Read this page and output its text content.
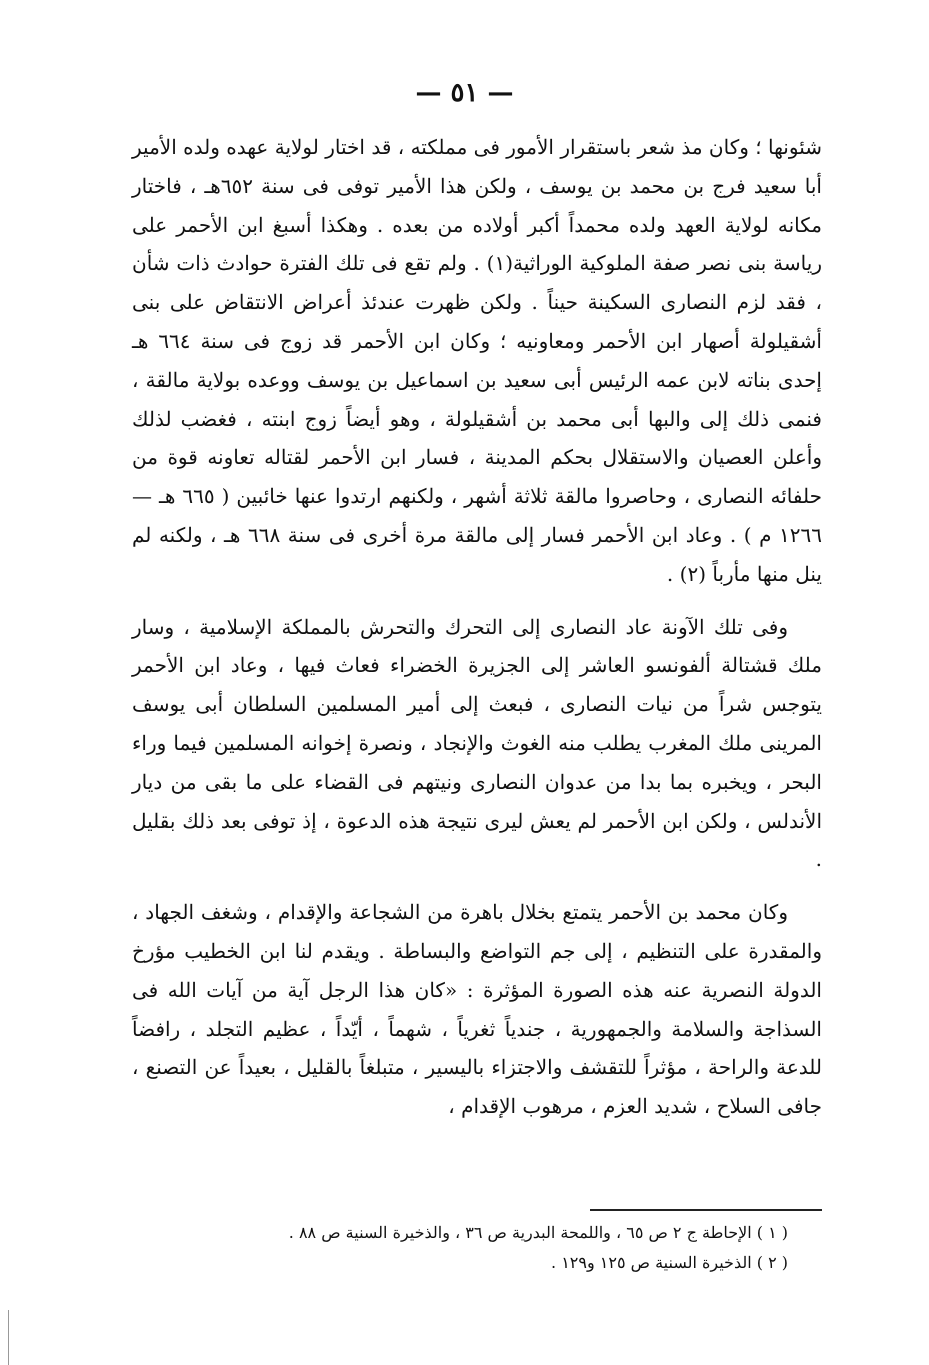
— ٥١ —

شئونها ؛ وكان مذ شعر باستقرار الأمور فى مملكته ، قد اختار لولاية عهده ولده الأمير أبا سعيد فرج بن محمد بن يوسف ، ولكن هذا الأمير توفى فى سنة ٦٥٢هـ ، فاختار مكانه لولاية العهد ولده محمداً أكبر أولاده من بعده . وهكذا أسبغ ابن الأحمر على رياسة بنى نصر صفة الملوكية الوراثية(١) . ولم تقع فى تلك الفترة حوادث ذات شأن ، فقد لزم النصارى السكينة حيناً . ولكن ظهرت عندئذ أعراض الانتقاض على بنى أشقيلولة أصهار ابن الأحمر ومعاونيه ؛ وكان ابن الأحمر قد زوج فى سنة ٦٦٤ هـ إحدى بناته لابن عمه الرئيس أبى سعيد بن اسماعيل بن يوسف ووعده بولاية مالقة ، فنمى ذلك إلى والبها أبى محمد بن أشقيلولة ، وهو أيضاً زوج ابنته ، فغضب لذلك وأعلن العصيان والاستقلال بحكم المدينة ، فسار ابن الأحمر لقتاله تعاونه قوة من حلفائه النصارى ، وحاصروا مالقة ثلاثة أشهر ، ولكنهم ارتدوا عنها خائبين ( ٦٦٥ هـ — ١٢٦٦ م ) . وعاد ابن الأحمر فسار إلى مالقة مرة أخرى فى سنة ٦٦٨ هـ ، ولكنه لم ينل منها مأرباً (٢) .

وفى تلك الآونة عاد النصارى إلى التحرك والتحرش بالمملكة الإسلامية ، وسار ملك قشتالة ألفونسو العاشر إلى الجزيرة الخضراء فعاث فيها ، وعاد ابن الأحمر يتوجس شراً من نيات النصارى ، فبعث إلى أمير المسلمين السلطان أبى يوسف المرينى ملك المغرب يطلب منه الغوث والإنجاد ، ونصرة إخوانه المسلمين فيما وراء البحر ، ويخبره بما بدا من عدوان النصارى ونيتهم فى القضاء على ما بقى من ديار الأندلس ، ولكن ابن الأحمر لم يعش ليرى نتيجة هذه الدعوة ، إذ توفى بعد ذلك بقليل .

وكان محمد بن الأحمر يتمتع بخلال باهرة من الشجاعة والإقدام ، وشغف الجهاد ، والمقدرة على التنظيم ، إلى جم التواضع والبساطة . ويقدم لنا ابن الخطيب مؤرخ الدولة النصرية عنه هذه الصورة المؤثرة : «كان هذا الرجل آية من آيات الله فى السذاجة والسلامة والجمهورية ، جندياً ثغرياً ، شهماً ، أيّداً ، عظيم التجلد ، رافضاً للدعة والراحة ، مؤثراً للتقشف والاجتزاء باليسير ، متبلغاً بالقليل ، بعيداً عن التصنع ، جافى السلاح ، شديد العزم ، مرهوب الإقدام ،

( ١ ) الإحاطة ج ٢ ص ٦٥ ، واللمحة البدرية ص ٣٦ ، والذخيرة السنية ص ٨٨ .

( ٢ ) الذخيرة السنية ص ١٢٥ و١٢٩ .
